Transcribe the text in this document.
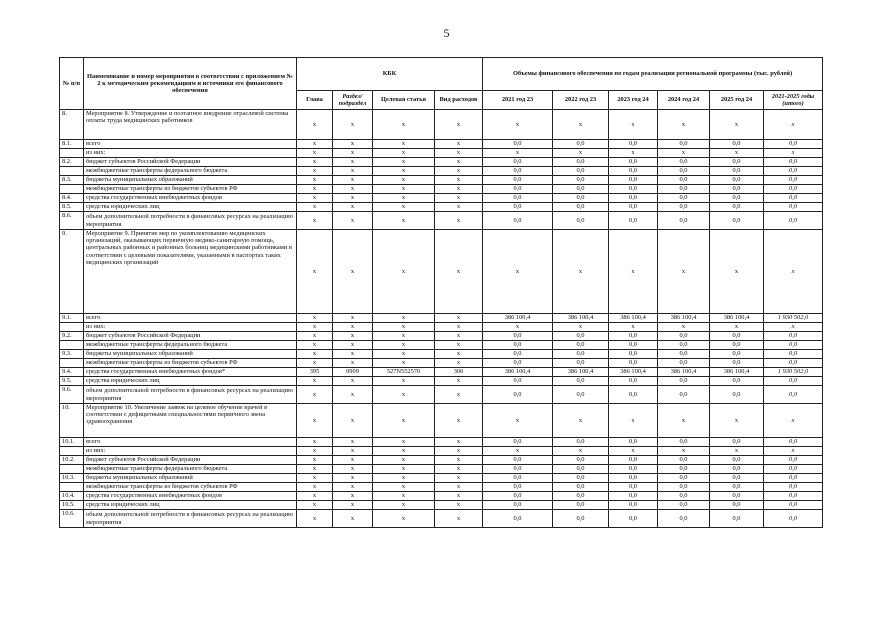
5
№ п/п	Наименование и номер мероприятия в соответствии с приложением № 2 к методическим рекомендациям и источники его финансового обеспечения	КБК				Объемы финансового обеспечения по годам реализации региональной программы (тыс. рублей)					
		Глава	Раздел/ подраздел	Целевая статья	Вид расходов	2021 год 23	2022 год 23	2023 год 24	2024 год 24	2025 год 24	2021-2025 годы (итого)
8.	Мероприятие 8. Утверждение и поэтапное внедрение отраслевой системы оплаты труда медицинских работников	x	x	x	x	x	x	x	x	x	x
8.1.	всего	x	x	x	x	0,0	0,0	0,0	0,0	0,0	0,0
	из них:	x	x	x	x	x	x	x	x	x	x
8.2.	бюджет субъектов Российской Федерации	x	x	x	x	0,0	0,0	0,0	0,0	0,0	0,0
	межбюджетные трансферты федерального бюджета	x	x	x	x	0,0	0,0	0,0	0,0	0,0	0,0
8.3.	бюджеты муниципальных образований	x	x	x	x	0,0	0,0	0,0	0,0	0,0	0,0
	межбюджетные трансферты из бюджетов субъектов РФ	x	x	x	x	0,0	0,0	0,0	0,0	0,0	0,0
8.4.	средства государственных внебюджетных фондов	x	x	x	x	0,0	0,0	0,0	0,0	0,0	0,0
8.5.	средства юридических лиц	x	x	x	x	0,0	0,0	0,0	0,0	0,0	0,0
8.6.	объем дополнительной потребности в финансовых ресурсах на реализацию мероприятия	x	x	x	x	0,0	0,0	0,0	0,0	0,0	0,0
9.	Мероприятие 9. Принятие мер по укомплектованию медицинских организаций, оказывающих первичную медико-санитарную помощь, центральных районных и районных больниц медицинскими работниками в соответствии с целевыми показателями, указанными в паспортах таких медицинских организаций	x	x	x	x	x	x	x	x	x	x
9.1.	всего	x	x	x	x	386 100,4	386 100,4	386 100,4	386 100,4	386 100,4	1 930 502,0
	из них:	x	x	x	x	x	x	x	x	x	x
9.2.	бюджет субъектов Российской Федерации	x	x	x	x	0,0	0,0	0,0	0,0	0,0	0,0
	межбюджетные трансферты федерального бюджета	x	x	x	x	0,0	0,0	0,0	0,0	0,0	0,0
9.3.	бюджеты муниципальных образований	x	x	x	x	0,0	0,0	0,0	0,0	0,0	0,0
	межбюджетные трансферты из бюджетов субъектов РФ	x	x	x	x	0,0	0,0	0,0	0,0	0,0	0,0
9.4.	средства государственных внебюджетных фондов*	395	0909	527N552570	300	386 100,4	386 100,4	386 100,4	386 100,4	386 100,4	1 930 502,0
9.5.	средства юридических лиц	x	x	x	x	0,0	0,0	0,0	0,0	0,0	0,0
9.6.	объем дополнительной потребности в финансовых ресурсах на реализацию мероприятия	x	x	x	x	0,0	0,0	0,0	0,0	0,0	0,0
10.	Мероприятие 10. Увеличение заявок на целевое обучение врачей в соответствии с дефицитными специальностями первичного звена здравоохранения	x	x	x	x	x	x	x	x	x	x
10.1.	всего	x	x	x	x	0,0	0,0	0,0	0,0	0,0	0,0
	из них:	x	x	x	x	x	x	x	x	x	x
10.2.	бюджет субъектов Российской Федерации	x	x	x	x	0,0	0,0	0,0	0,0	0,0	0,0
	межбюджетные трансферты федерального бюджета	x	x	x	x	0,0	0,0	0,0	0,0	0,0	0,0
10.3.	бюджеты муниципальных образований	x	x	x	x	0,0	0,0	0,0	0,0	0,0	0,0
	межбюджетные трансферты из бюджетов субъектов РФ	x	x	x	x	0,0	0,0	0,0	0,0	0,0	0,0
10.4.	средства государственных внебюджетных фондов	x	x	x	x	0,0	0,0	0,0	0,0	0,0	0,0
10.5.	средства юридических лиц	x	x	x	x	0,0	0,0	0,0	0,0	0,0	0,0
10.6.	объем дополнительной потребности в финансовых ресурсах на реализацию мероприятия	x	x	x	x	0,0	0,0	0,0	0,0	0,0	0,0
